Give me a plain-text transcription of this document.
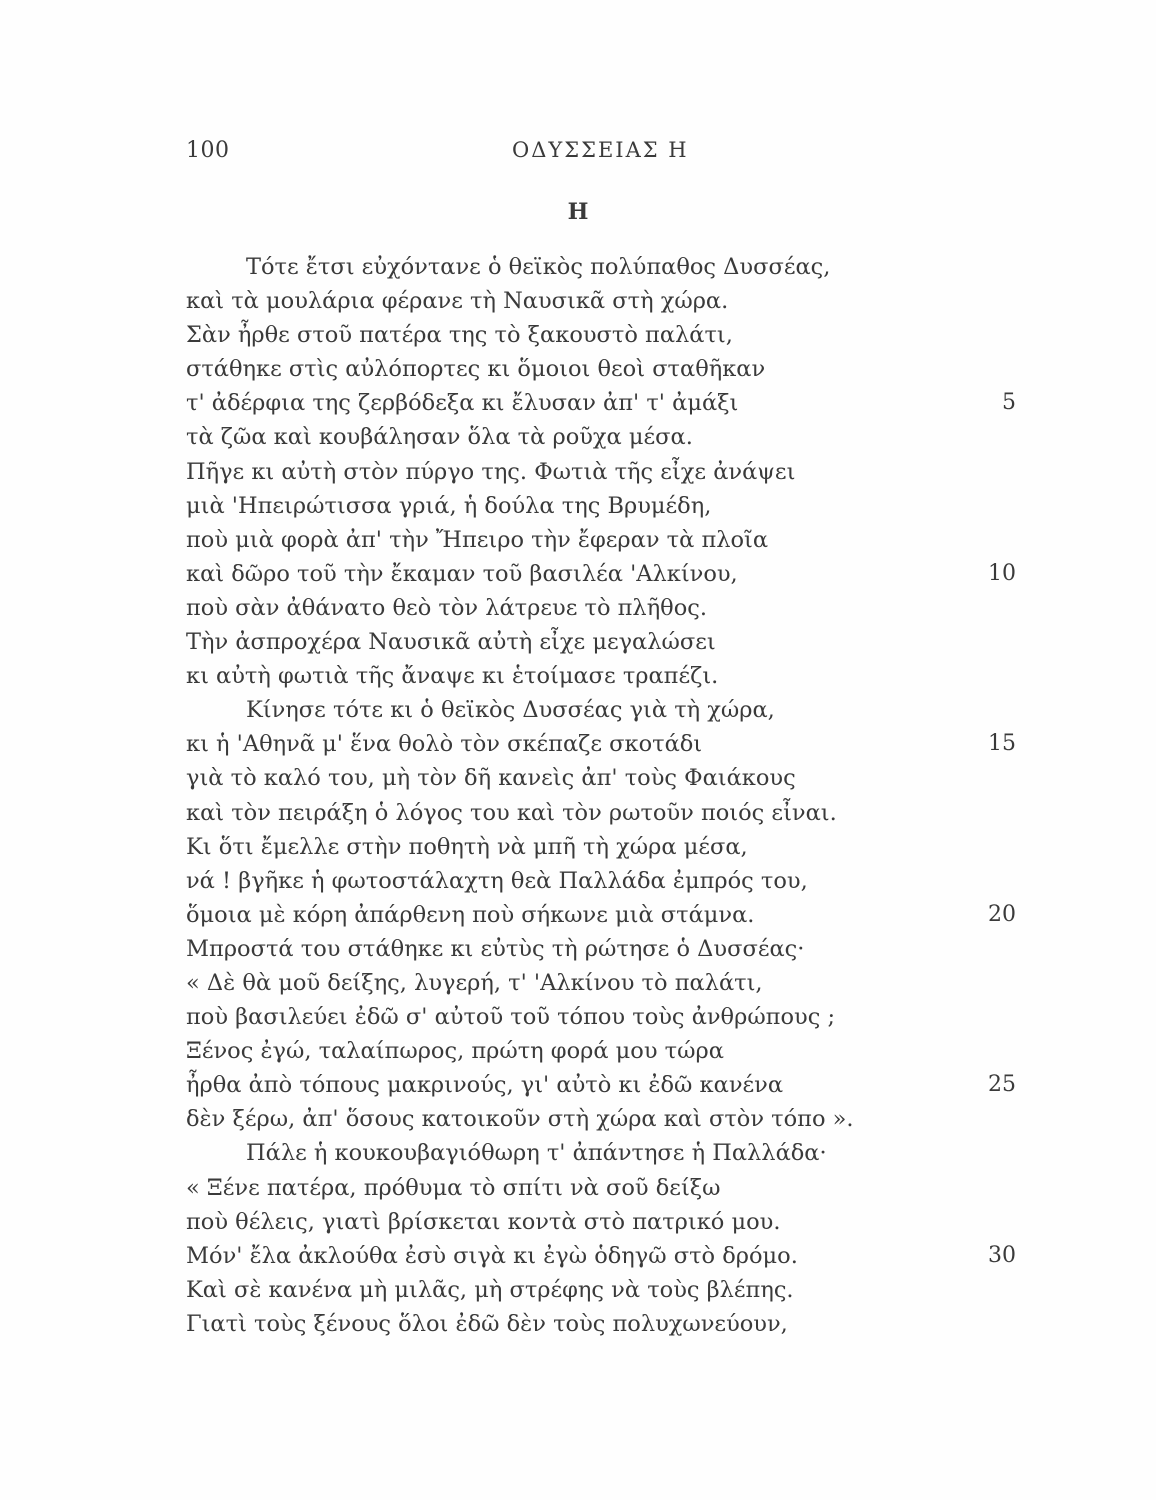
100	ΟΔΥΣΣΕΙΑΣ Η
Η
Τότε ἔτσι εὐχόντανε ὁ θεϊκὸς πολύπαθος Δυσσέας,
καὶ τὰ μουλάρια φέρανε τὴ Ναυσικᾶ στὴ χώρα.
Σὰν ἦρθε στοῦ πατέρα της τὸ ξακουστὸ παλάτι,
στάθηκε στὶς αὐλόπορτες κι ὅμοιοι θεοὶ σταθῆκαν
τ' ἀδέρφια της ζερβόδεξα κι ἔλυσαν ἀπ' τ' ἀμάξι	5
τὰ ζῶα καὶ κουβάλησαν ὅλα τὰ ροῦχα μέσα.
Πῆγε κι αὐτὴ στὸν πύργο της. Φωτιὰ τῆς εἶχε ἀνάψει
μιὰ 'Ηπειρώτισσα γριά, ἡ δούλα της Βρυμέδη,
ποὺ μιὰ φορὰ ἀπ' τὴν Ἤπειρο τὴν ἔφεραν τὰ πλοῖα
καὶ δῶρο τοῦ τὴν ἔκαμαν τοῦ βασιλέα 'Αλκίνου,	10
ποὺ σὰν ἀθάνατο θεὸ τὸν λάτρευε τὸ πλῆθος.
Τὴν ἀσπροχέρα Ναυσικᾶ αὐτὴ εἶχε μεγαλώσει
κι αὐτὴ φωτιὰ τῆς ἄναψε κι ἑτοίμασε τραπέζι.
Κίνησε τότε κι ὁ θεϊκὸς Δυσσέας γιὰ τὴ χώρα,
κι ἡ 'Αθηνᾶ μ' ἕνα θολὸ τὸν σκέπαζε σκοτάδι	15
γιὰ τὸ καλό του, μὴ τὸν δῆ κανεὶς ἀπ' τοὺς Φαιάκους
καὶ τὸν πειράξη ὁ λόγος του καὶ τὸν ρωτοῦν ποιός εἶναι.
Κι ὅτι ἔμελλε στὴν ποθητὴ νὰ μπῆ τὴ χώρα μέσα,
νά ! βγῆκε ἡ φωτοστάλαχτη θεὰ Παλλάδα ἐμπρός του,
ὅμοια μὲ κόρη ἀπάρθενη ποὺ σήκωνε μιὰ στάμνα.	20
Μπροστά του στάθηκε κι εὐτὺς τὴ ρώτησε ὁ Δυσσέας·
« Δὲ θὰ μοῦ δείξης, λυγερή, τ' 'Αλκίνου τὸ παλάτι,
ποὺ βασιλεύει ἐδῶ σ' αὐτοῦ τοῦ τόπου τοὺς ἀνθρώπους ;
Ξένος ἐγώ, ταλαίπωρος, πρώτη φορά μου τώρα
ἦρθα ἀπὸ τόπους μακρινούς, γι' αὐτὸ κι ἐδῶ κανένα	25
δὲν ξέρω, ἀπ' ὅσους κατοικοῦν στὴ χώρα καὶ στὸν τόπο ».
Πάλε ἡ κουκουβαγιόθωρη τ' ἀπάντησε ἡ Παλλάδα·
« Ξένε πατέρα, πρόθυμα τὸ σπίτι νὰ σοῦ δείξω
ποὺ θέλεις, γιατὶ βρίσκεται κοντὰ στὸ πατρικό μου.
Μόν' ἔλα ἀκλούθα ἐσὺ σιγὰ κι ἐγὼ ὁδηγῶ στὸ δρόμο.	30
Καὶ σὲ κανένα μὴ μιλᾶς, μὴ στρέφης νὰ τοὺς βλέπης.
Γιατὶ τοὺς ξένους ὅλοι ἐδῶ δὲν τοὺς πολυχωνεύουν,
